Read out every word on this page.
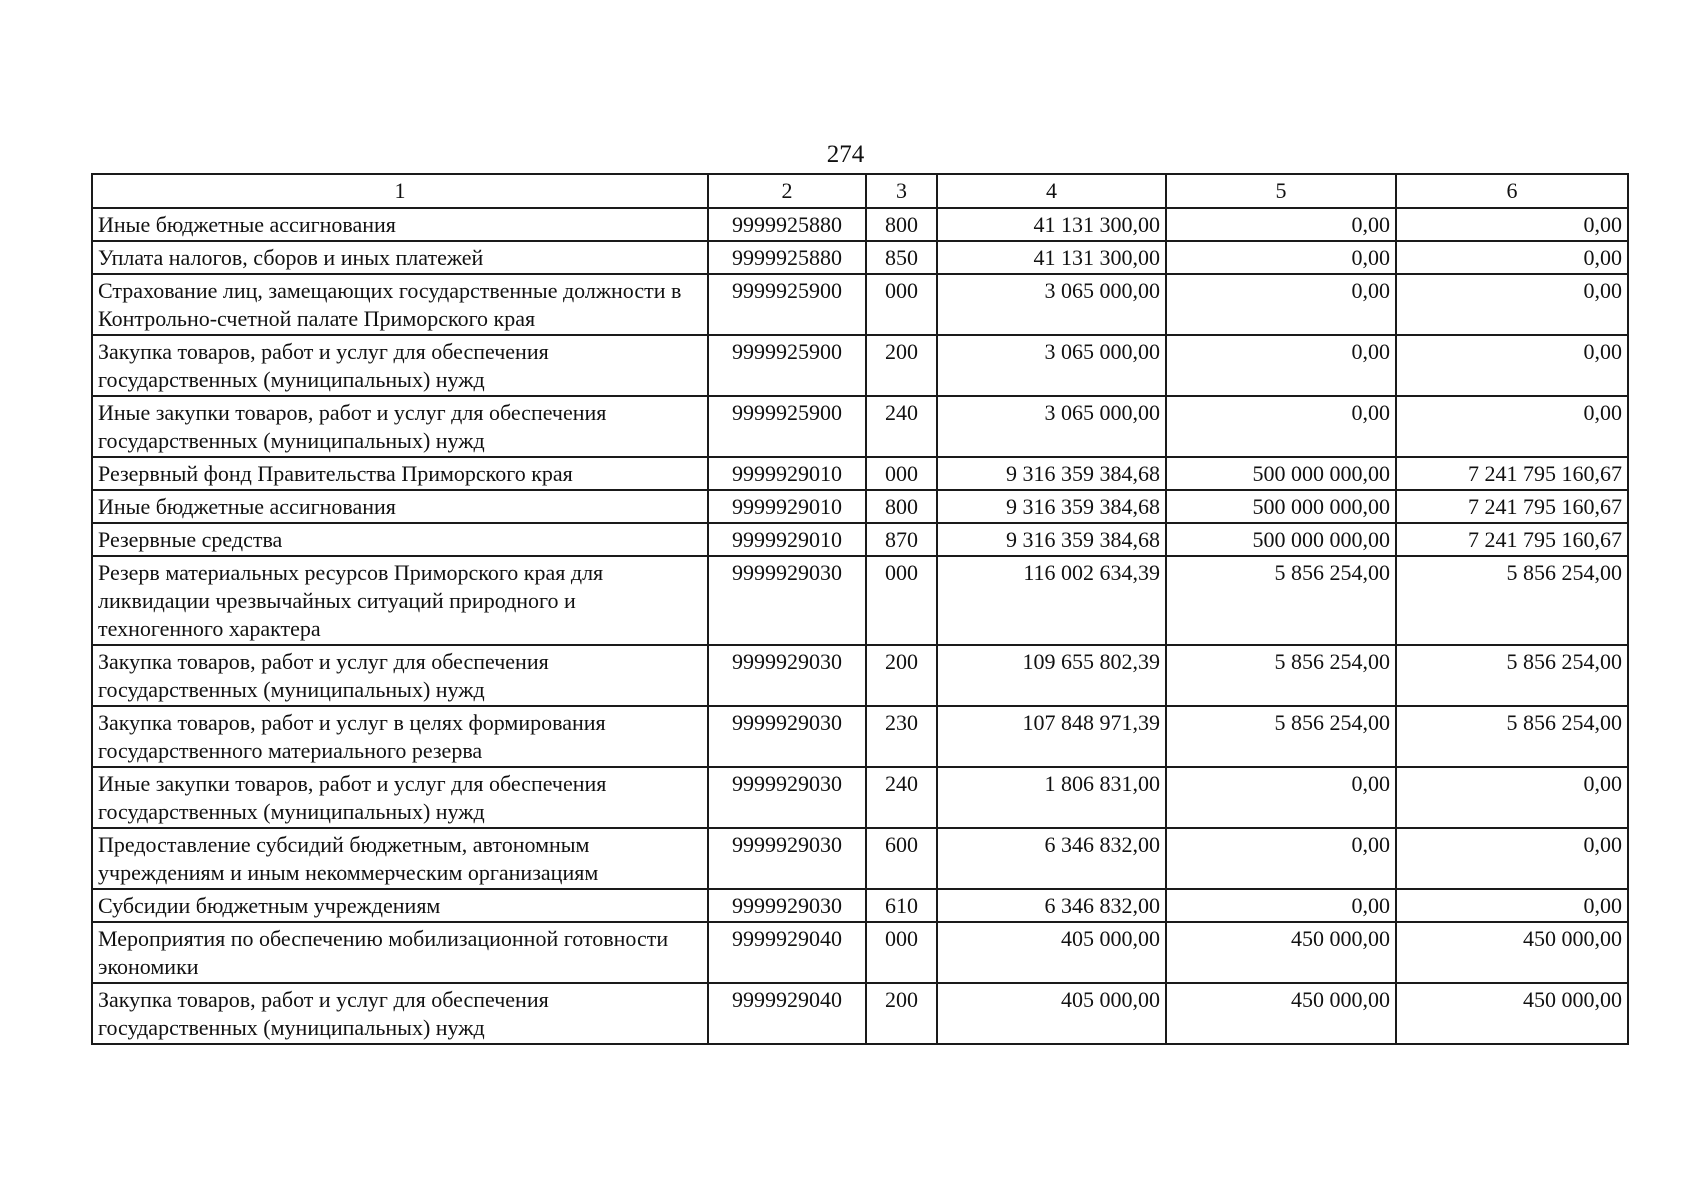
274
1	2	3	4	5	6
Иные бюджетные ассигнования	9999925880	800	41 131 300,00	0,00	0,00
Уплата налогов, сборов и иных платежей	9999925880	850	41 131 300,00	0,00	0,00
Страхование лиц, замещающих государственные должности в Контрольно-счетной палате Приморского края	9999925900	000	3 065 000,00	0,00	0,00
Закупка товаров, работ и услуг для обеспечения государственных (муниципальных) нужд	9999925900	200	3 065 000,00	0,00	0,00
Иные закупки товаров, работ и услуг для обеспечения государственных (муниципальных) нужд	9999925900	240	3 065 000,00	0,00	0,00
Резервный фонд Правительства Приморского края	9999929010	000	9 316 359 384,68	500 000 000,00	7 241 795 160,67
Иные бюджетные ассигнования	9999929010	800	9 316 359 384,68	500 000 000,00	7 241 795 160,67
Резервные средства	9999929010	870	9 316 359 384,68	500 000 000,00	7 241 795 160,67
Резерв материальных ресурсов Приморского края для ликвидации чрезвычайных ситуаций природного и техногенного характера	9999929030	000	116 002 634,39	5 856 254,00	5 856 254,00
Закупка товаров, работ и услуг для обеспечения государственных (муниципальных) нужд	9999929030	200	109 655 802,39	5 856 254,00	5 856 254,00
Закупка товаров, работ и услуг в целях формирования государственного материального резерва	9999929030	230	107 848 971,39	5 856 254,00	5 856 254,00
Иные закупки товаров, работ и услуг для обеспечения государственных (муниципальных) нужд	9999929030	240	1 806 831,00	0,00	0,00
Предоставление субсидий бюджетным, автономным учреждениям и иным некоммерческим организациям	9999929030	600	6 346 832,00	0,00	0,00
Субсидии бюджетным учреждениям	9999929030	610	6 346 832,00	0,00	0,00
Мероприятия по обеспечению мобилизационной готовности экономики	9999929040	000	405 000,00	450 000,00	450 000,00
Закупка товаров, работ и услуг для обеспечения государственных (муниципальных) нужд	9999929040	200	405 000,00	450 000,00	450 000,00
